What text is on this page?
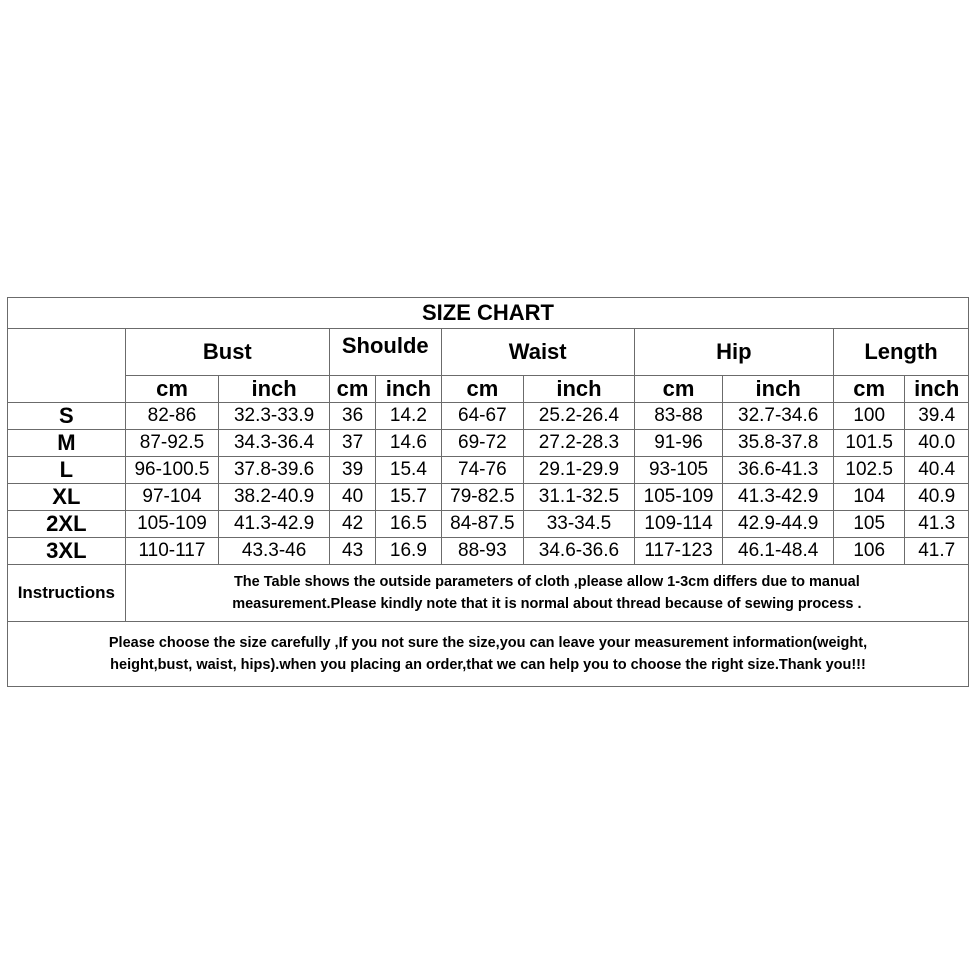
SIZE CHART										
	Bust		Shoulde		Waist		Hip		Length	
	cm	inch	cm	inch	cm	inch	cm	inch	cm	inch
S	82-86	32.3-33.9	36	14.2	64-67	25.2-26.4	83-88	32.7-34.6	100	39.4
M	87-92.5	34.3-36.4	37	14.6	69-72	27.2-28.3	91-96	35.8-37.8	101.5	40.0
L	96-100.5	37.8-39.6	39	15.4	74-76	29.1-29.9	93-105	36.6-41.3	102.5	40.4
XL	97-104	38.2-40.9	40	15.7	79-82.5	31.1-32.5	105-109	41.3-42.9	104	40.9
2XL	105-109	41.3-42.9	42	16.5	84-87.5	33-34.5	109-114	42.9-44.9	105	41.3
3XL	110-117	43.3-46	43	16.9	88-93	34.6-36.6	117-123	46.1-48.4	106	41.7
Instructions	The Table shows the outside parameters of cloth ,please allow 1-3cm differs due to manual
measurement.Please kindly note that it is normal about thread because of sewing process .									

Please choose the size carefully ,If you not sure the size,you can leave your measurement information(weight,
height,bust, waist, hips).when you placing an order,that we can help you to choose the right size.Thank you!!!										
